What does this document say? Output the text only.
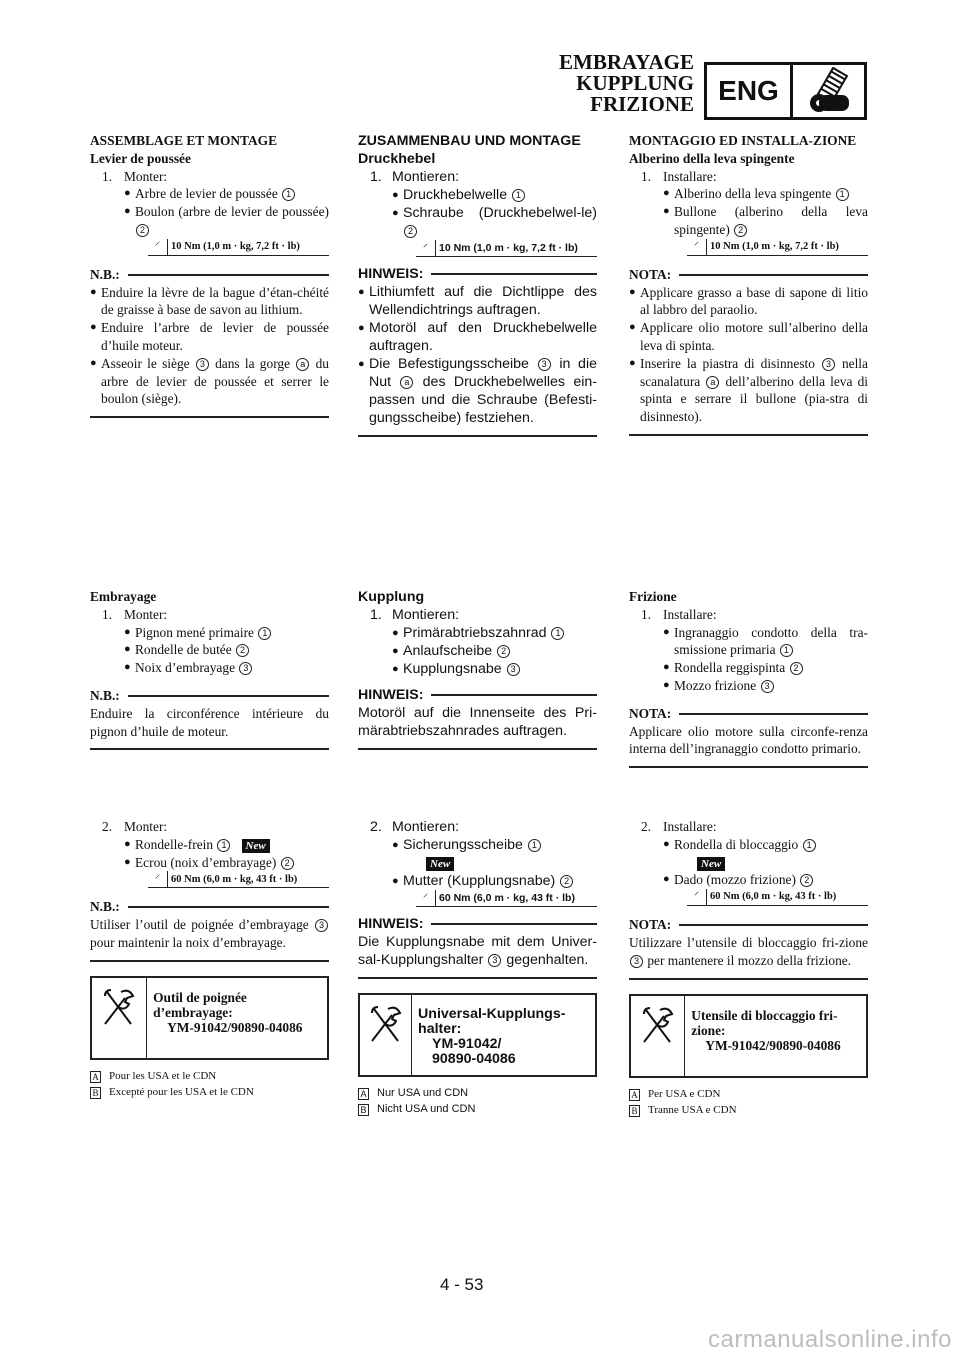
EMBRAYAGE
KUPPLUNG
FRIZIONE ENG
ASSEMBLAGE ET MONTAGE
Levier de poussée
1. Monter:
● Arbre de levier de poussée 1
● Boulon (arbre de levier de poussée) 2
⸍	10 Nm (1,0 m · kg, 7,2 ft · lb)
N.B.:
● Enduire la lèvre de la bague d’étan-chéité de graisse à base de savon au lithium.
● Enduire l’arbre de levier de poussée d’huile moteur.
● Asseoir le siège 3 dans la gorge a du arbre de levier de poussée et serrer le boulon (siège).
Embrayage
1. Monter:
● Pignon mené primaire 1
● Rondelle de butée 2
● Noix d’embrayage 3
N.B.:
Enduire la circonférence intérieure du pignon d’huile de moteur.
2. Monter:
● Rondelle-frein 1 New
● Ecrou (noix d’embrayage) 2
⸍	60 Nm (6,0 m · kg, 43 ft · lb)
N.B.:
Utiliser l’outil de poignée d’embrayage 3 pour maintenir la noix d’embrayage.
Outil de poignée d’embrayage:
YM-91042/90890-04086
A Pour les USA et le CDN
B Excepté pour les USA et le CDN
ZUSAMMENBAU UND MONTAGE
Druckhebel
1. Montieren:
● Druckhebelwelle 1
● Schraube (Druckhebelwel-le) 2
⸍	10 Nm (1,0 m · kg, 7,2 ft · lb)
HINWEIS:
● Lithiumfett auf die Dichtlippe des Wellendichtrings auftragen.
● Motoröl auf den Druckhebelwelle auftragen.
● Die Befestigungsscheibe 3 in die Nut a des Druckhebelwelles ein-passen und die Schraube (Befesti-gungsscheibe) festziehen.
Kupplung
1. Montieren:
● Primärabtriebszahnrad 1
● Anlaufscheibe 2
● Kupplungsnabe 3
HINWEIS:
Motoröl auf die Innenseite des Pri-märabtriebszahnrades auftragen.
2. Montieren:
● Sicherungsscheibe 1
New
● Mutter (Kupplungsnabe) 2
⸍	60 Nm (6,0 m · kg, 43 ft · lb)
HINWEIS:
Die Kupplungsnabe mit dem Univer-sal-Kupplungshalter 3 gegenhalten.
Universal-Kupplungs-halter:
YM-91042/ 90890-04086
A Nur USA und CDN
B Nicht USA und CDN
MONTAGGIO ED INSTALLA-ZIONE
Alberino della leva spingente
1. Installare:
● Alberino della leva spingente 1
● Bullone (alberino della leva spingente) 2
⸍	10 Nm (1,0 m · kg, 7,2 ft · lb)
NOTA:
● Applicare grasso a base di sapone di litio al labbro del paraolio.
● Applicare olio motore sull’alberino della leva di spinta.
● Inserire la piastra di disinnesto 3 nella scanalatura a dell’alberino della leva di spinta e serrare il bullone (pia-stra di disinnesto).
Frizione
1. Installare:
● Ingranaggio condotto della tra-smissione primaria 1
● Rondella reggispinta 2
● Mozzo frizione 3
NOTA:
Applicare olio motore sulla circonfe-renza interna dell’ingranaggio condotto primario.
2. Installare:
● Rondella di bloccaggio 1
New
● Dado (mozzo frizione) 2
⸍	60 Nm (6,0 m · kg, 43 ft · lb)
NOTA:
Utilizzare l’utensile di bloccaggio fri-zione 3 per mantenere il mozzo della frizione.
Utensile di bloccaggio fri-zione:
YM-91042/90890-04086
A Per USA e CDN
B Tranne USA e CDN
4 - 53
carmanualsonline.info
